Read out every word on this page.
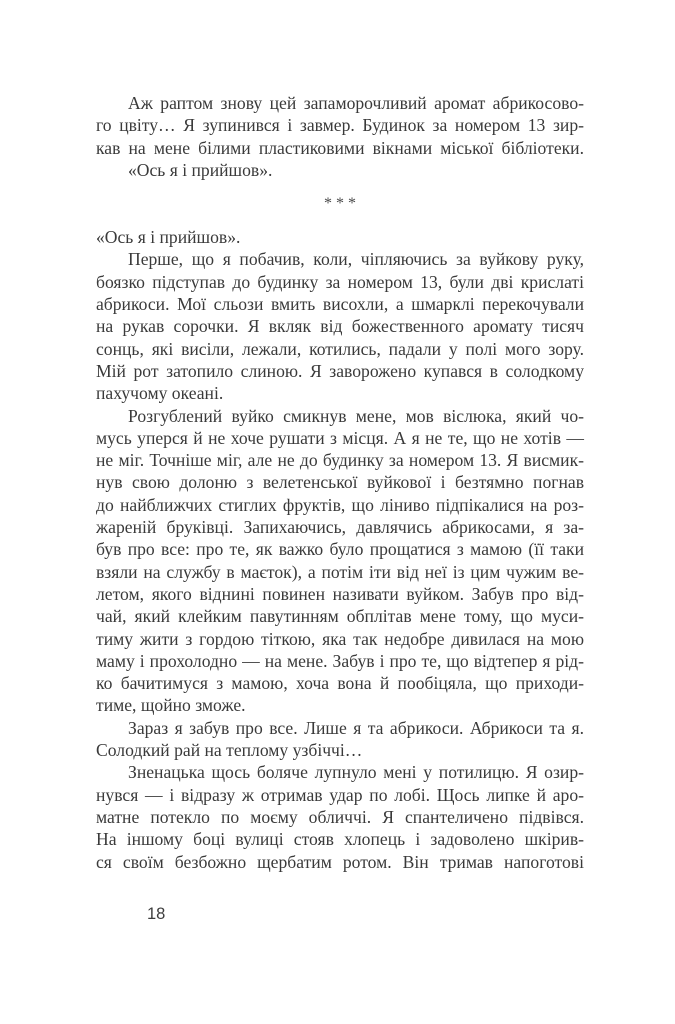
Аж раптом знову цей запаморочливий аромат абрикосово-
го цвіту… Я зупинився і завмер. Будинок за номером 13 зир-
кав на мене білими пластиковими вікнами міської бібліотеки.
«Ось я і прийшов».
***
«Ось я і прийшов».
Перше, що я побачив, коли, чіпляючись за вуйкову руку,
боязко підступав до будинку за номером 13, були дві крислаті
абрикоси. Мої сльози вмить висохли, а шмарклі перекочували
на рукав сорочки. Я вкляк від божественного аромату тисяч
сонць, які висіли, лежали, котились, падали у полі мого зору.
Мій рот затопило слиною. Я заворожено купався в солодкому
пахучому океані.
Розгублений вуйко смикнув мене, мов віслюка, який чо-
мусь уперся й не хоче рушати з місця. А я не те, що не хотів —
не міг. Точніше міг, але не до будинку за номером 13. Я висмик-
нув свою долоню з велетенської вуйкової і безтямно погнав
до найближчих стиглих фруктів, що ліниво підпікалися на роз-
жареній бруківці. Запихаючись, давлячись абрикосами, я за-
був про все: про те, як важко було прощатися з мамою (її таки
взяли на службу в маєток), а потім іти від неї із цим чужим ве-
летом, якого віднині повинен називати вуйком. Забув про від-
чай, який клейким павутинням обплітав мене тому, що муси-
тиму жити з гордою тіткою, яка так недобре дивилася на мою
маму і прохолодно — на мене. Забув і про те, що відтепер я рід-
ко бачитимуся з мамою, хоча вона й пообіцяла, що приходи-
тиме, щойно зможе.
Зараз я забув про все. Лише я та абрикоси. Абрикоси та я.
Солодкий рай на теплому узбіччі…
Зненацька щось боляче лупнуло мені у потилицю. Я озир-
нувся — і відразу ж отримав удар по лобі. Щось липке й аро-
матне потекло по моєму обличчі. Я спантеличено підвівся.
На іншому боці вулиці стояв хлопець і задоволено шкірив-
ся своїм безбожно щербатим ротом. Він тримав напоготові
18
